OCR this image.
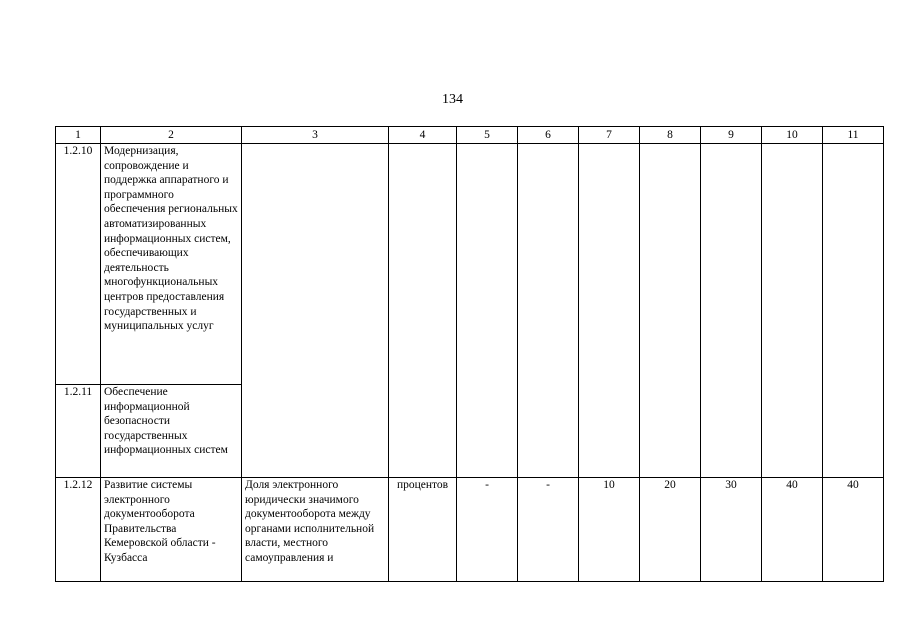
134
1	2	3	4	5	6	7	8	9	10	11
1.2.10	Модернизация, сопровождение и поддержка аппаратного и программного обеспечения региональных автоматизированных информационных систем, обеспечивающих деятельность многофункциональных центров предоставления государственных и муниципальных услуг									
1.2.11	Обеспечение информационной безопасности государственных информационных систем									
1.2.12	Развитие системы электронного документооборота Правительства Кемеровской области - Кузбасса	Доля электронного юридически значимого документооборота между органами исполнительной власти, местного самоуправления и	процентов	-	-	10	20	30	40	40
